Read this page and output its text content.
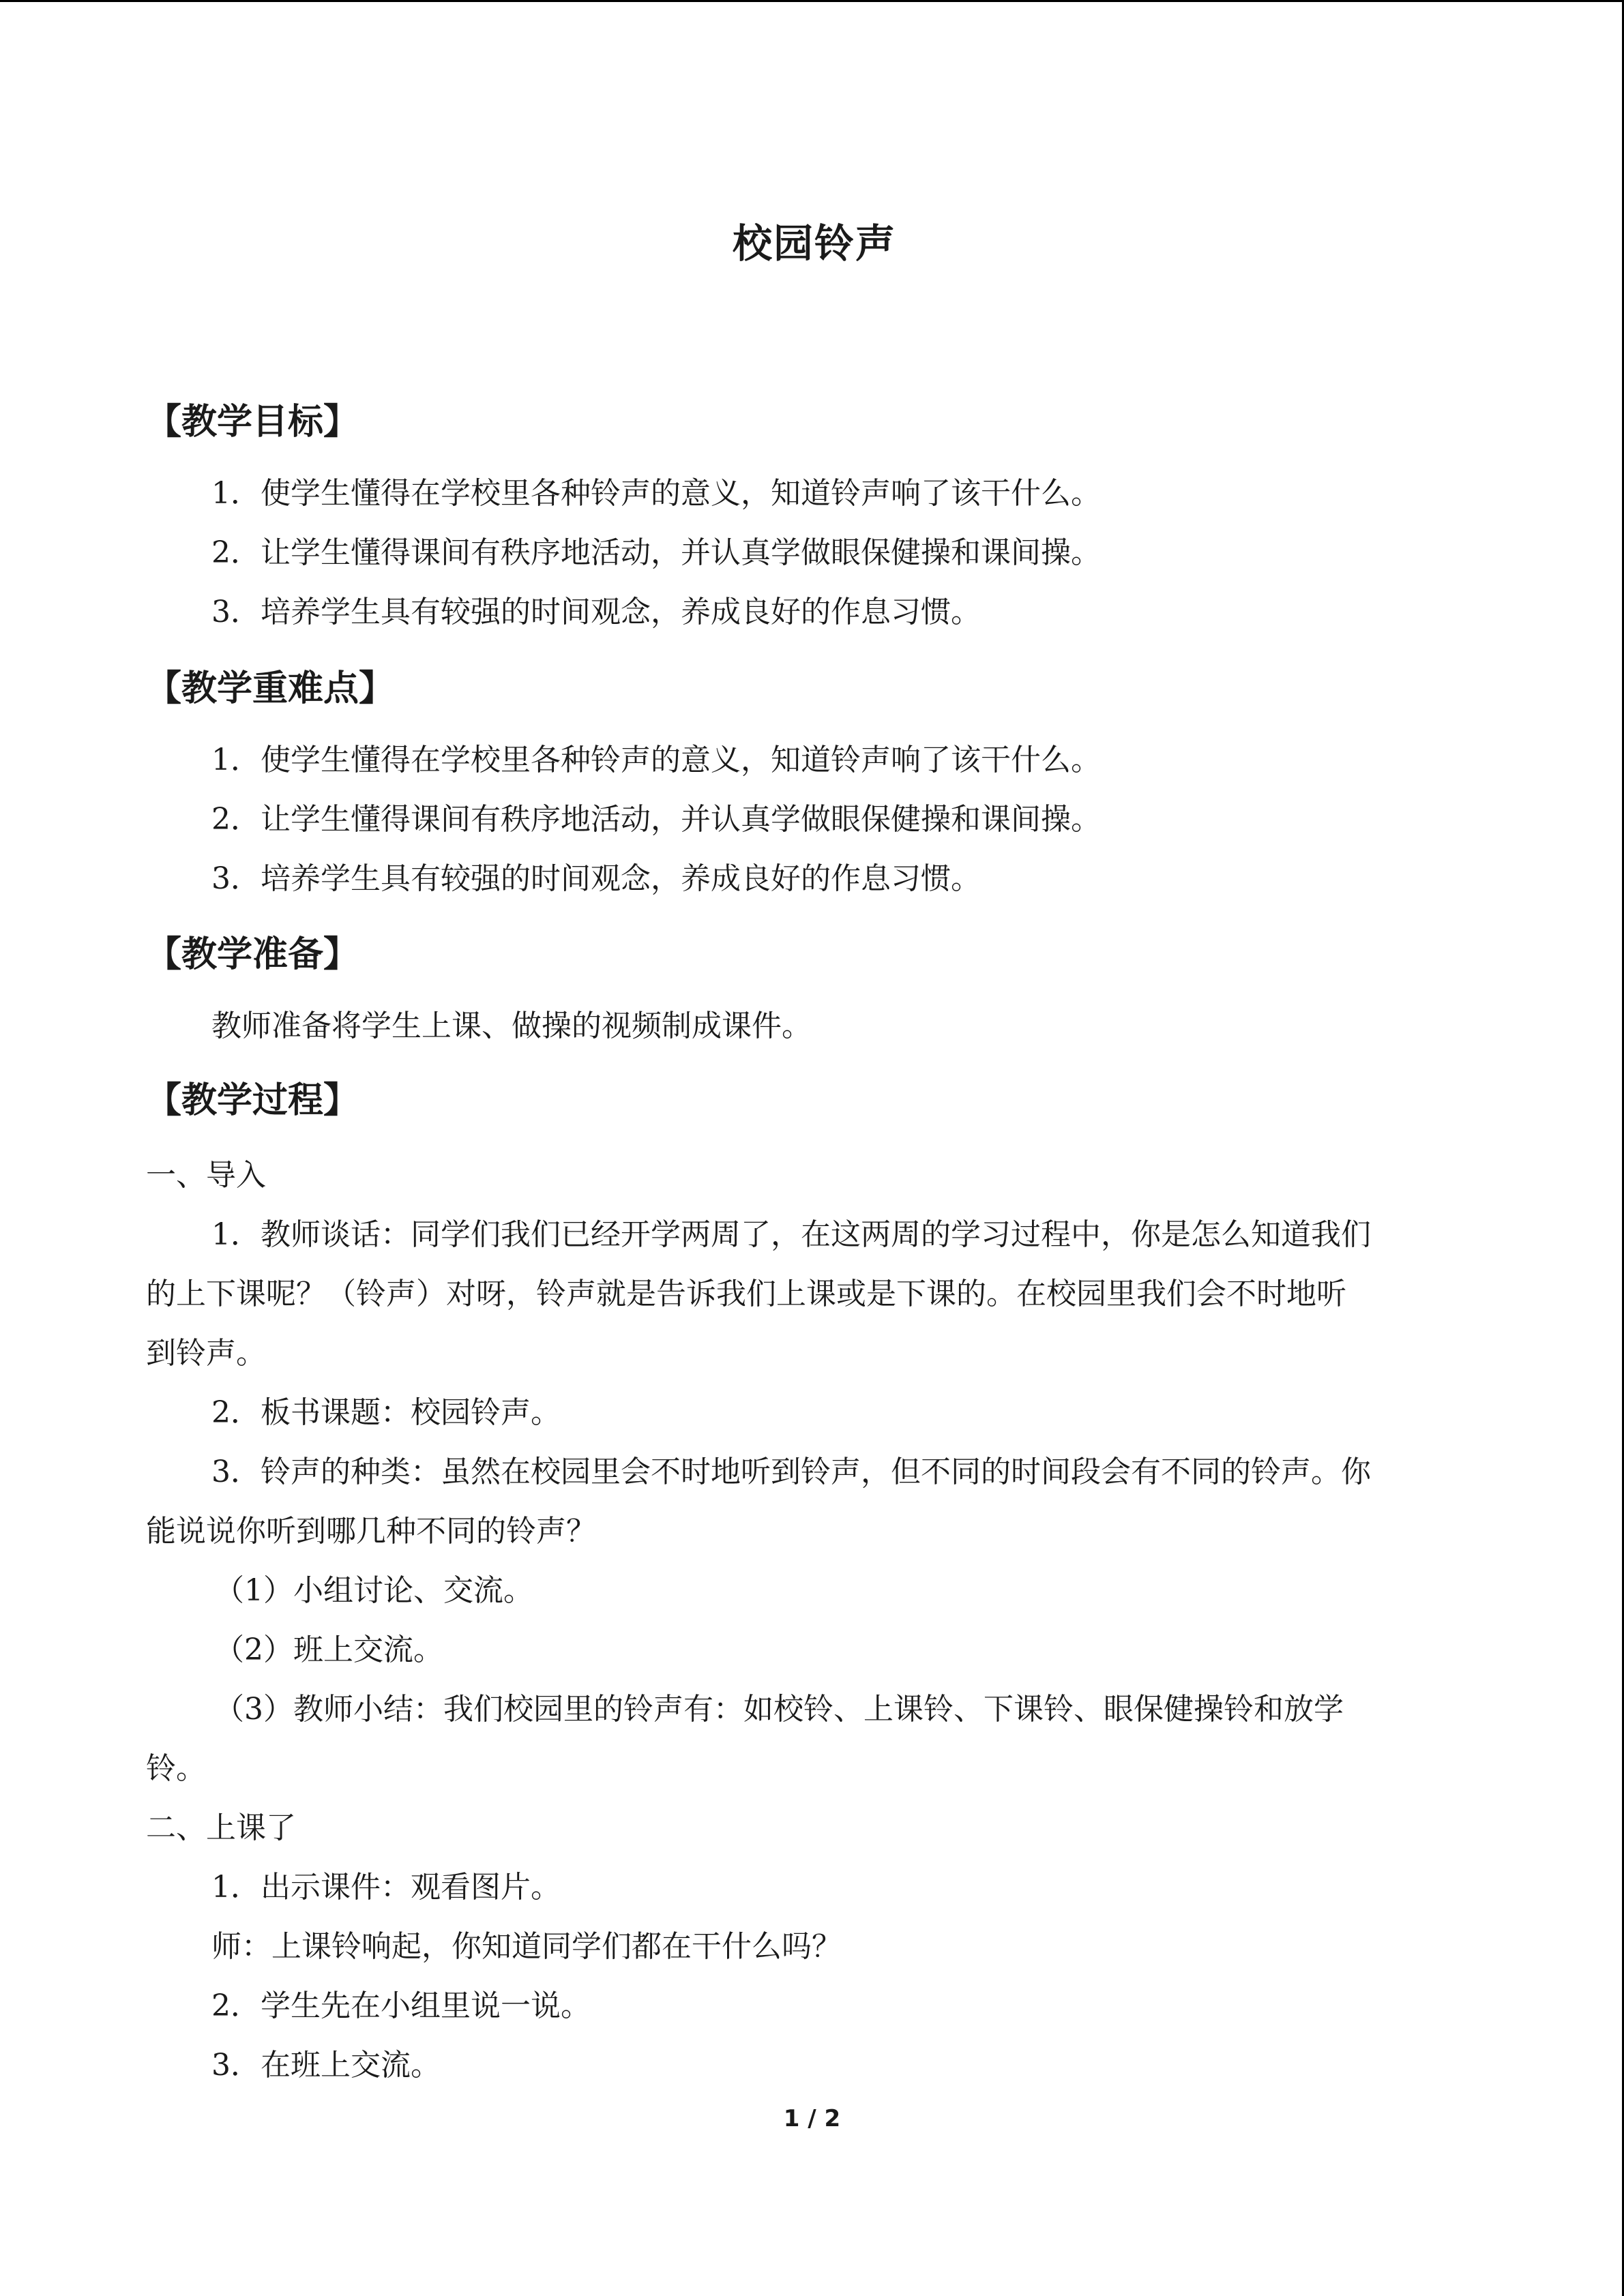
校园铃声
【教学目标】
1．使学生懂得在学校里各种铃声的意义，知道铃声响了该干什么。
2．让学生懂得课间有秩序地活动，并认真学做眼保健操和课间操。
3．培养学生具有较强的时间观念，养成良好的作息习惯。
【教学重难点】
1．使学生懂得在学校里各种铃声的意义，知道铃声响了该干什么。
2．让学生懂得课间有秩序地活动，并认真学做眼保健操和课间操。
3．培养学生具有较强的时间观念，养成良好的作息习惯。
【教学准备】
教师准备将学生上课、做操的视频制成课件。
【教学过程】
一、导入
1．教师谈话：同学们我们已经开学两周了，在这两周的学习过程中，你是怎么知道我们
的上下课呢？（铃声）对呀，铃声就是告诉我们上课或是下课的。在校园里我们会不时地听
到铃声。
2．板书课题：校园铃声。
3．铃声的种类：虽然在校园里会不时地听到铃声，但不同的时间段会有不同的铃声。你
能说说你听到哪几种不同的铃声？
（1）小组讨论、交流。
（2）班上交流。
（3）教师小结：我们校园里的铃声有：如校铃、上课铃、下课铃、眼保健操铃和放学
铃。
二、上课了
1．出示课件：观看图片。
师：上课铃响起，你知道同学们都在干什么吗？
2．学生先在小组里说一说。
3．在班上交流。
1 / 2
